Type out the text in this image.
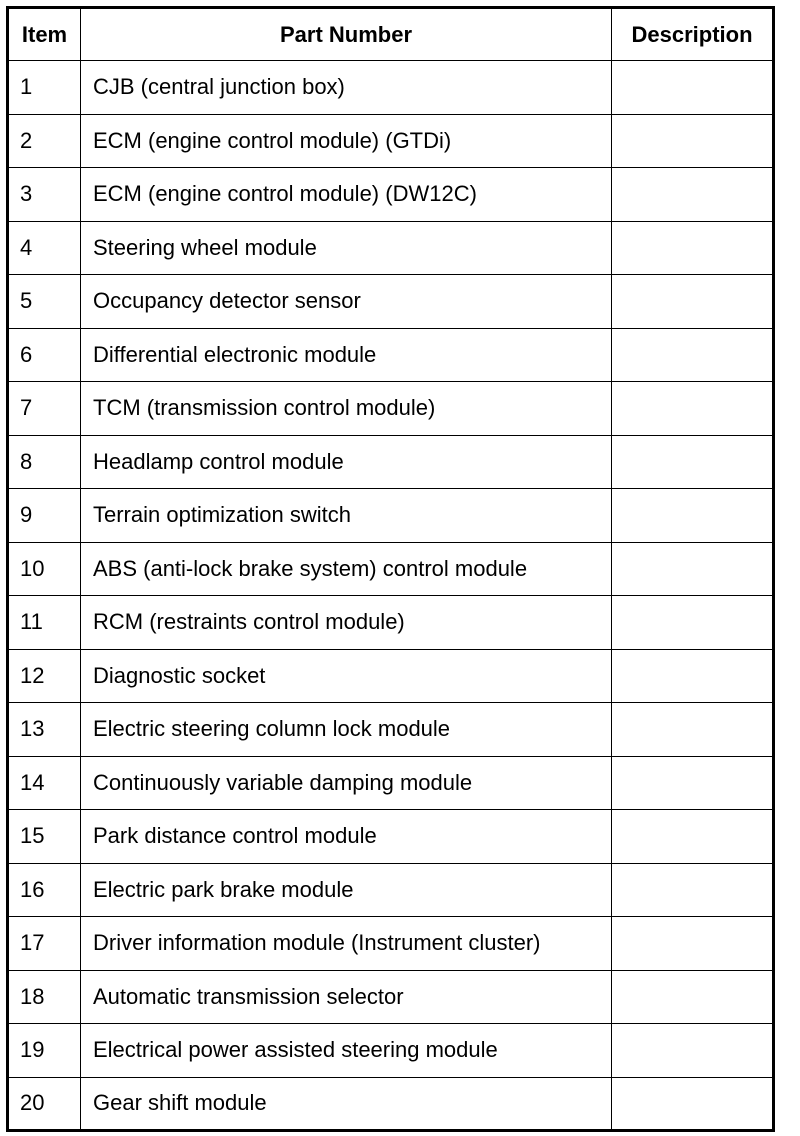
Item	Part Number	Description
1	CJB (central junction box)	
2	ECM (engine control module) (GTDi)	
3	ECM (engine control module) (DW12C)	
4	Steering wheel module	
5	Occupancy detector sensor	
6	Differential electronic module	
7	TCM (transmission control module)	
8	Headlamp control module	
9	Terrain optimization switch	
10	ABS (anti-lock brake system) control module	
11	RCM (restraints control module)	
12	Diagnostic socket	
13	Electric steering column lock module	
14	Continuously variable damping module	
15	Park distance control module	
16	Electric park brake module	
17	Driver information module (Instrument cluster)	
18	Automatic transmission selector	
19	Electrical power assisted steering module	
20	Gear shift module	
